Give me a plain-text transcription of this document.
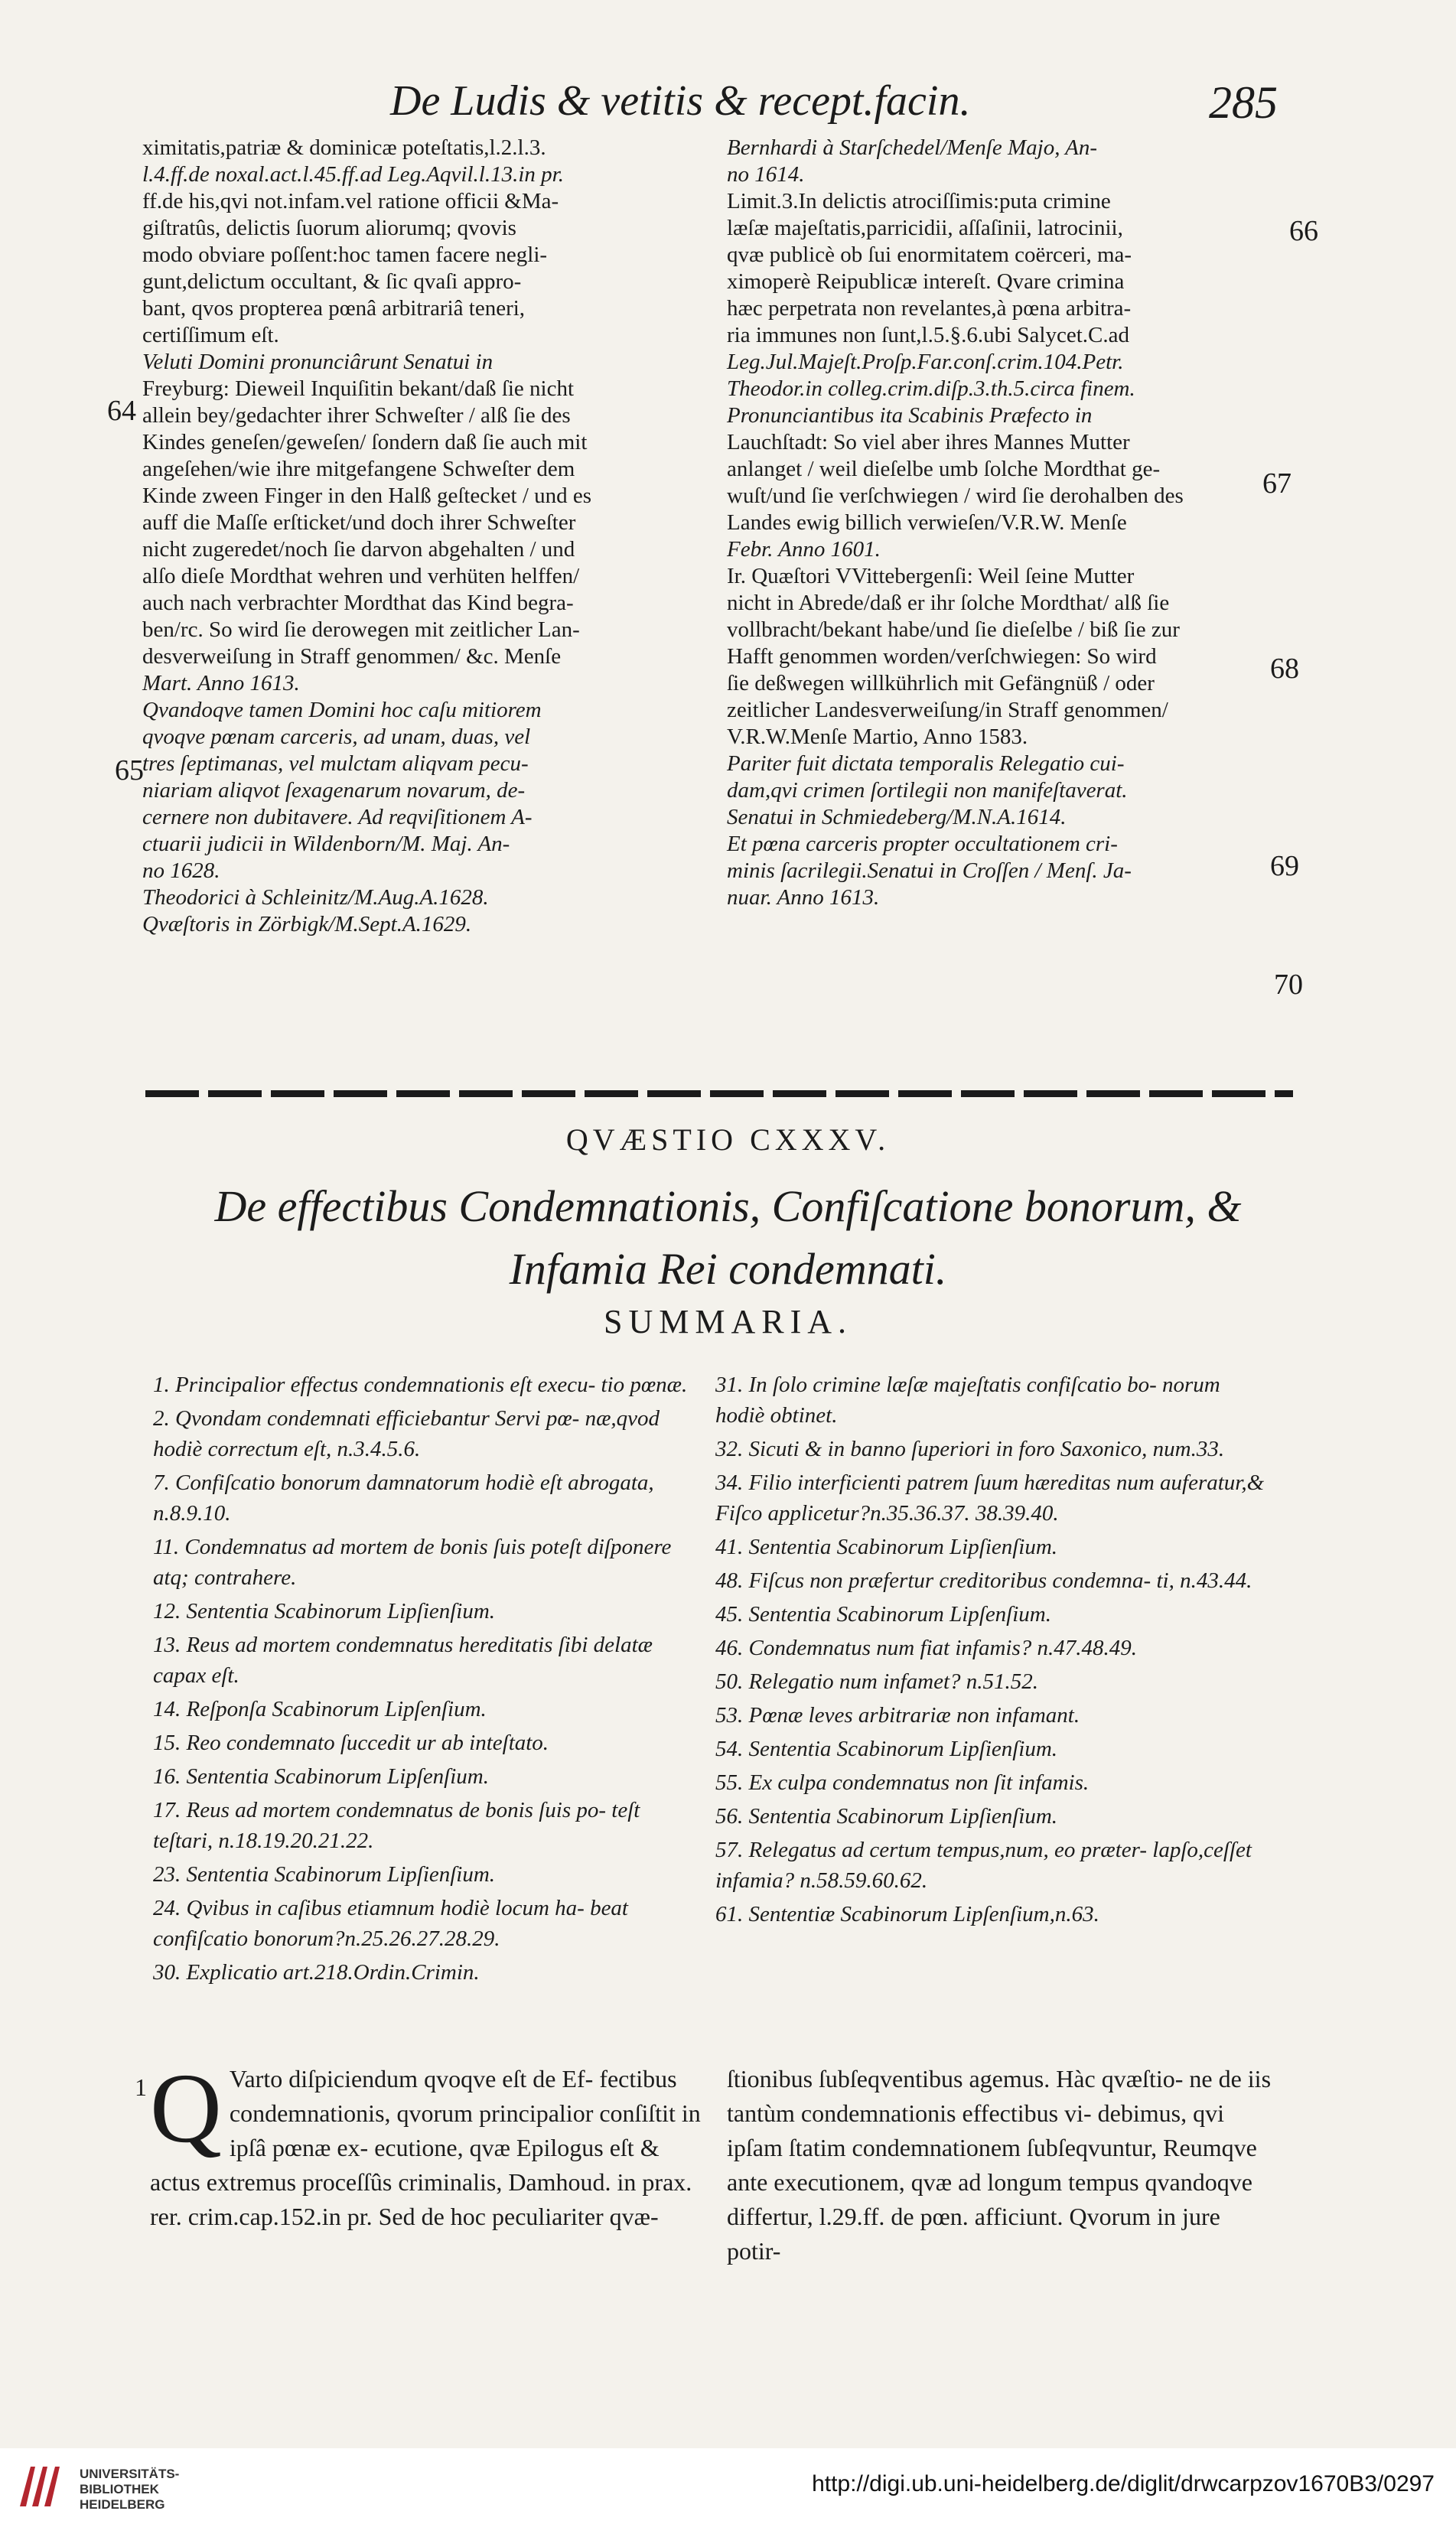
De Ludis & vetitis & recept.facin.	285

ximitatis,patriæ & dominicæ poteſtatis,l.2.l.3.

l.4.ff.de noxal.act.l.45.ff.ad Leg.Aqvil.l.13.in pr.

ff.de his,qvi not.infam.vel ratione officii &Ma-

giſtratûs, delictis ſuorum aliorumq; qvovis

modo obviare poſſent:hoc tamen facere negli-

gunt,delictum occultant, & ſic qvaſi appro-

bant, qvos propterea pœnâ arbitrariâ teneri,

certiſſimum eſt.

Veluti Domini pronunciârunt Senatui in

Freyburg: Dieweil Inquiſitin bekant/daß ſie nicht

allein bey/gedachter ihrer Schweſter / alß ſie des

Kindes geneſen/geweſen/ ſondern daß ſie auch mit

angeſehen/wie ihre mitgefangene Schweſter dem

Kinde zween Finger in den Halß geſtecket / und es

auff die Maſſe erſticket/und doch ihrer Schweſter

nicht zugeredet/noch ſie darvon abgehalten / und

alſo dieſe Mordthat wehren und verhüten helffen/

auch nach verbrachter Mordthat das Kind begra-

ben/rc. So wird ſie derowegen mit zeitlicher Lan-

desverweiſung in Straff genommen/ &c. Menſe

Mart. Anno 1613.

Qvandoqve tamen Domini hoc caſu mitiorem

qvoqve pœnam carceris, ad unam, duas, vel

tres ſeptimanas, vel mulctam aliqvam pecu-

niariam aliqvot ſexagenarum novarum, de-

cernere non dubitavere. Ad reqviſitionem A-

ctuarii judicii in Wildenborn/M. Maj. An-

no 1628.

Theodorici à Schleinitz/M.Aug.A.1628.

Qvæſtoris in Zörbigk/M.Sept.A.1629.

Bernhardi à Starſchedel/Menſe Majo, An-

no 1614.

Limit.3.In delictis atrociſſimis:puta crimine

læſæ majeſtatis,parricidii, aſſaſinii, latrocinii,

qvæ publicè ob ſui enormitatem coërceri, ma-

ximoperè Reipublicæ intereſt. Qvare crimina

hæc perpetrata non revelantes,à pœna arbitra-

ria immunes non ſunt,l.5.§.6.ubi Salycet.C.ad

Leg.Jul.Majeſt.Proſp.Far.conſ.crim.104.Petr.

Theodor.in colleg.crim.diſp.3.th.5.circa finem.

Pronunciantibus ita Scabinis Præfecto in

Lauchſtadt: So viel aber ihres Mannes Mutter

anlanget / weil dieſelbe umb ſolche Mordthat ge-

wuſt/und ſie verſchwiegen / wird ſie derohalben des

Landes ewig billich verwieſen/V.R.W. Menſe

Febr. Anno 1601.

Ir. Quæſtori VVittebergenſi: Weil ſeine Mutter

nicht in Abrede/daß er ihr ſolche Mordthat/ alß ſie

vollbracht/bekant habe/und ſie dieſelbe / biß ſie zur

Hafft genommen worden/verſchwiegen: So wird

ſie deßwegen willkührlich mit Gefängnüß / oder

zeitlicher Landesverweiſung/in Straff genommen/

V.R.W.Menſe Martio, Anno 1583.

Pariter fuit dictata temporalis Relegatio cui-

dam,qvi crimen ſortilegii non manifeſtaverat.

Senatui in Schmiedeberg/M.N.A.1614.

Et pœna carceris propter occultationem cri-

minis ſacrilegii.Senatui in Croſſen / Menſ. Ja-

nuar. Anno 1613.

64
65
66
67
68
69
70
QVÆSTIO CXXXV.
De effectibus Condemnationis, Confiſcatione bonorum, &
Infamia Rei condemnati.
SUMMARIA.

1. Principalior effectus condemnationis eſt execu- tio pœnæ.

2. Qvondam condemnati efficiebantur Servi pœ- næ,qvod hodiè correctum eſt, n.3.4.5.6.

7. Confiſcatio bonorum damnatorum hodiè eſt abrogata, n.8.9.10.

11. Condemnatus ad mortem de bonis ſuis poteſt diſponere atq; contrahere.

12. Sententia Scabinorum Lipſienſium.

13. Reus ad mortem condemnatus hereditatis ſibi delatæ capax eſt.

14. Reſponſa Scabinorum Lipſenſium.

15. Reo condemnato ſuccedit ur ab inteſtato.

16. Sententia Scabinorum Lipſenſium.

17. Reus ad mortem condemnatus de bonis ſuis po- teſt teſtari, n.18.19.20.21.22.

23. Sententia Scabinorum Lipſienſium.

24. Qvibus in caſibus etiamnum hodiè locum ha- beat confiſcatio bonorum?n.25.26.27.28.29.

30. Explicatio art.218.Ordin.Crimin.

31. In ſolo crimine læſæ majeſtatis confiſcatio bo- norum hodiè obtinet.

32. Sicuti & in banno ſuperiori in foro Saxonico, num.33.

34. Filio interficienti patrem ſuum hæreditas num auferatur,& Fiſco applicetur?n.35.36.37. 38.39.40.

41. Sententia Scabinorum Lipſienſium.

48. Fiſcus non præfertur creditoribus condemna- ti, n.43.44.

45. Sententia Scabinorum Lipſenſium.

46. Condemnatus num fiat infamis? n.47.48.49.

50. Relegatio num infamet? n.51.52.

53. Pœnæ leves arbitrariæ non infamant.

54. Sententia Scabinorum Lipſienſium.

55. Ex culpa condemnatus non ſit infamis.

56. Sententia Scabinorum Lipſienſium.

57. Relegatus ad certum tempus,num, eo præter- lapſo,ceſſet infamia? n.58.59.60.62.

61. Sententiæ Scabinorum Lipſenſium,n.63.

1 Q Varto diſpiciendum qvoqve eſt de Ef- fectibus condemnationis, qvorum principalior conſiſtit in ipſâ pœnæ ex- ecutione, qvæ Epilogus eſt & actus extremus proceſſûs criminalis, Damhoud. in prax. rer. crim.cap.152.in pr. Sed de hoc peculiariter qvæ-
ſtionibus ſubſeqventibus agemus. Hàc qvæſtio- ne de iis tantùm condemnationis effectibus vi- debimus, qvi ipſam ſtatim condemnationem ſubſeqvuntur, Reumqve ante executionem, qvæ ad longum tempus qvandoqve differtur, l.29.ff. de pœn. afficiunt. Qvorum in jure potir-
UNIVERSITÄTS-
BIBLIOTHEK
HEIDELBERG
http://digi.ub.uni-heidelberg.de/diglit/drwcarpzov1670B3/0297
